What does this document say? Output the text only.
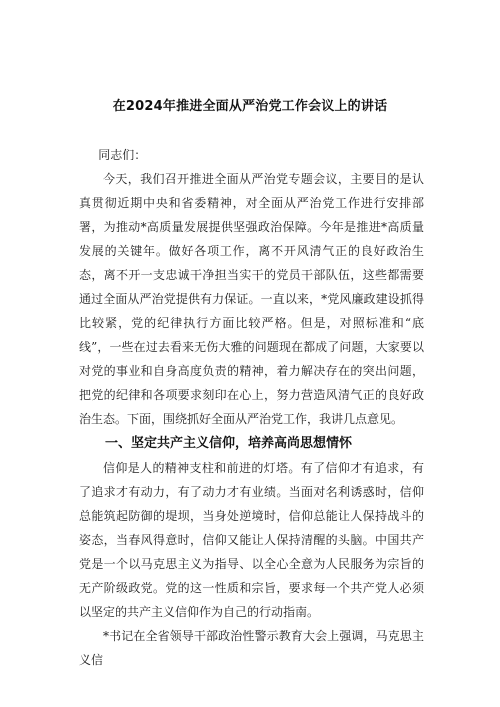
在2024年推进全面从严治党工作会议上的讲话

同志们：

今天，我们召开推进全面从严治党专题会议，主要目的是认真贯彻近期中央和省委精神，对全面从严治党工作进行安排部署，为推动*高质量发展提供坚强政治保障。今年是推进*高质量发展的关键年。做好各项工作，离不开风清气正的良好政治生态，离不开一支忠诚干净担当实干的党员干部队伍，这些都需要通过全面从严治党提供有力保证。一直以来，*党风廉政建设抓得比较紧，党的纪律执行方面比较严格。但是，对照标准和“底线”，一些在过去看来无伤大雅的问题现在都成了问题，大家要以对党的事业和自身高度负责的精神，着力解决存在的突出问题，把党的纪律和各项要求刻印在心上，努力营造风清气正的良好政治生态。下面，围绕抓好全面从严治党工作，我讲几点意见。

一、坚定共产主义信仰，培养高尚思想情怀

信仰是人的精神支柱和前进的灯塔。有了信仰才有追求，有了追求才有动力，有了动力才有业绩。当面对名利诱惑时，信仰总能筑起防御的堤坝，当身处逆境时，信仰总能让人保持战斗的姿态，当春风得意时，信仰又能让人保持清醒的头脑。中国共产党是一个以马克思主义为指导、以全心全意为人民服务为宗旨的无产阶级政党。党的这一性质和宗旨，要求每一个共产党人必须以坚定的共产主义信仰作为自己的行动指南。

*书记在全省领导干部政治性警示教育大会上强调，马克思主义信
